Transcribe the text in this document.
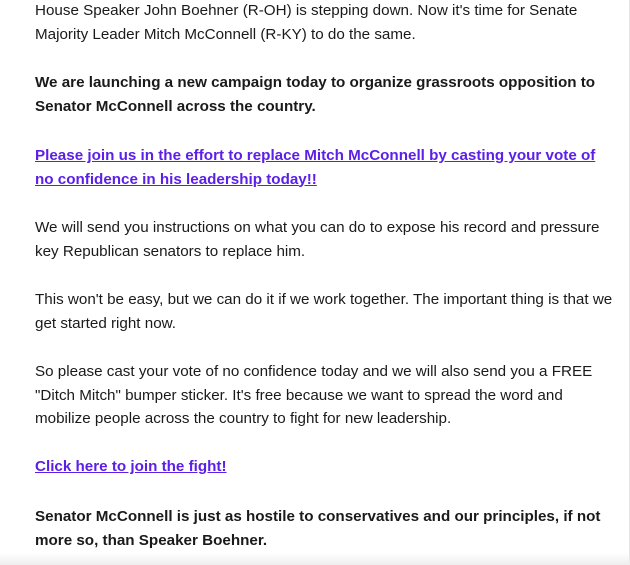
House Speaker John Boehner (R-OH) is stepping down. Now it's time for Senate Majority Leader Mitch McConnell (R-KY) to do the same.

We are launching a new campaign today to organize grassroots opposition to Senator McConnell across the country.

Please join us in the effort to replace Mitch McConnell by casting your vote of no confidence in his leadership today!!

We will send you instructions on what you can do to expose his record and pressure key Republican senators to replace him.

This won't be easy, but we can do it if we work together. The important thing is that we get started right now.

So please cast your vote of no confidence today and we will also send you a FREE "Ditch Mitch" bumper sticker. It's free because we want to spread the word and mobilize people across the country to fight for new leadership.

Click here to join the fight!

Senator McConnell is just as hostile to conservatives and our principles, if not more so, than Speaker Boehner.
